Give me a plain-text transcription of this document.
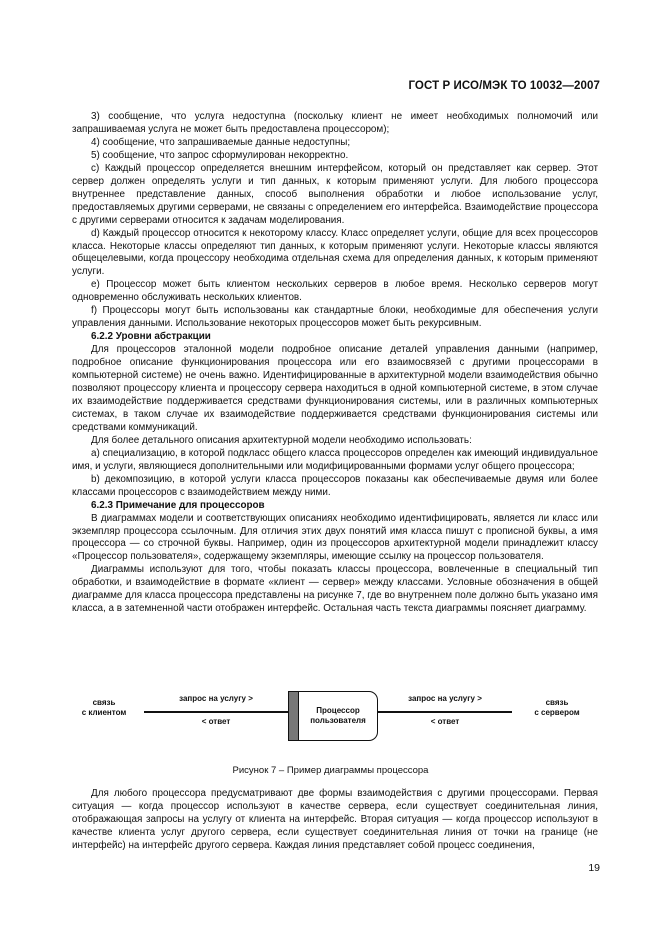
ГОСТ Р ИСО/МЭК ТО 10032—2007

3) сообщение, что услуга недоступна (поскольку клиент не имеет необходимых полномочий или запрашиваемая услуга не может быть предоставлена процессором);

4) сообщение, что запрашиваемые данные недоступны;

5) сообщение, что запрос сформулирован некорректно.

c) Каждый процессор определяется внешним интерфейсом, который он представляет как сервер. Этот сервер должен определять услуги и тип данных, к которым применяют услуги. Для любого процессора внутреннее представление данных, способ выполнения обработки и любое использование услуг, предоставляемых другими серверами, не связаны с определением его интерфейса. Взаимодействие процессора с другими серверами относится к задачам моделирования.

d) Каждый процессор относится к некоторому классу. Класс определяет услуги, общие для всех процессоров класса. Некоторые классы определяют тип данных, к которым применяют услуги. Некоторые классы являются общецелевыми, когда процессору необходима отдельная схема для определения данных, к которым применяют услуги.

e) Процессор может быть клиентом нескольких серверов в любое время. Несколько серверов могут одновременно обслуживать нескольких клиентов.

f) Процессоры могут быть использованы как стандартные блоки, необходимые для обеспечения услуги управления данными. Использование некоторых процессоров может быть рекурсивным.

6.2.2 Уровни абстракции

Для процессоров эталонной модели подробное описание деталей управления данными (например, подробное описание функционирования процессора или его взаимосвязей с другими процессорами в компьютерной системе) не очень важно. Идентифицированные в архитектурной модели взаимодействия обычно позволяют процессору клиента и процессору сервера находиться в одной компьютерной системе, в этом случае их взаимодействие поддерживается средствами функционирования системы, или в различных компьютерных системах, в таком случае их взаимодействие поддерживается средствами функционирования системы или средствами коммуникаций.

Для более детального описания архитектурной модели необходимо использовать:

a) специализацию, в которой подкласс общего класса процессоров определен как имеющий индивидуальное имя, и услуги, являющиеся дополнительными или модифицированными формами услуг общего процессора;

b) декомпозицию, в которой услуги класса процессоров показаны как обеспечиваемые двумя или более классами процессоров с взаимодействием между ними.

6.2.3 Примечание для процессоров

В диаграммах модели и соответствующих описаниях необходимо идентифицировать, является ли класс или экземпляр процессора ссылочным. Для отличия этих двух понятий имя класса пишут с прописной буквы, а имя процессора — со строчной буквы. Например, один из процессоров архитектурной модели принадлежит классу «Процессор пользователя», содержащему экземпляры, имеющие ссылку на процессор пользователя.

Диаграммы используют для того, чтобы показать классы процессора, вовлеченные в специальный тип обработки, и взаимодействие в формате «клиент — сервер» между классами. Условные обозначения в общей диаграмме для класса процессора представлены на рисунке 7, где во внутреннем поле должно быть указано имя класса, а в затемненной части отображен интерфейс. Остальная часть текста диаграммы поясняет диаграмму.

связь
с клиентом
запрос на услугу >
< ответ
Процессор
пользователя
запрос на услугу >
< ответ
связь
с сервером
Рисунок 7 – Пример диаграммы процессора

Для любого процессора предусматривают две формы взаимодействия с другими процессорами. Первая ситуация — когда процессор используют в качестве сервера, если существует соединительная линия, отображающая запросы на услугу от клиента на интерфейс. Вторая ситуация — когда процессор используют в качестве клиента услуг другого сервера, если существует соединительная линия от точки на границе (не интерфейс) на интерфейс другого сервера. Каждая линия представляет собой процесс соединения,

19
